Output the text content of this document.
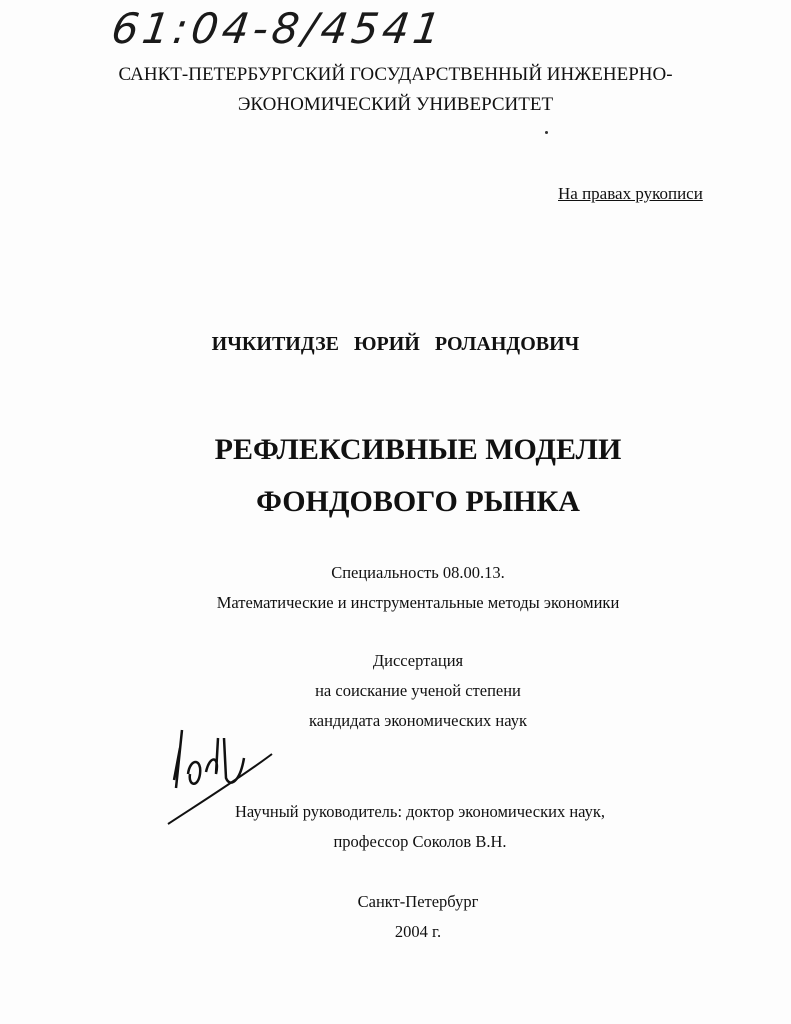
61:04-8/4541
САНКТ-ПЕТЕРБУРГСКИЙ ГОСУДАРСТВЕННЫЙ ИНЖЕНЕРНО-
ЭКОНОМИЧЕСКИЙ УНИВЕРСИТЕТ
На правах рукописи
ИЧКИТИДЗЕ ЮРИЙ РОЛАНДОВИЧ
РЕФЛЕКСИВНЫЕ МОДЕЛИ
ФОНДОВОГО РЫНКА
Специальность 08.00.13.
Математические и инструментальные методы экономики
Диссертация
на соискание ученой степени
кандидата экономических наук
Научный руководитель: доктор экономических наук,
профессор Соколов В.Н.
Санкт-Петербург
2004 г.
